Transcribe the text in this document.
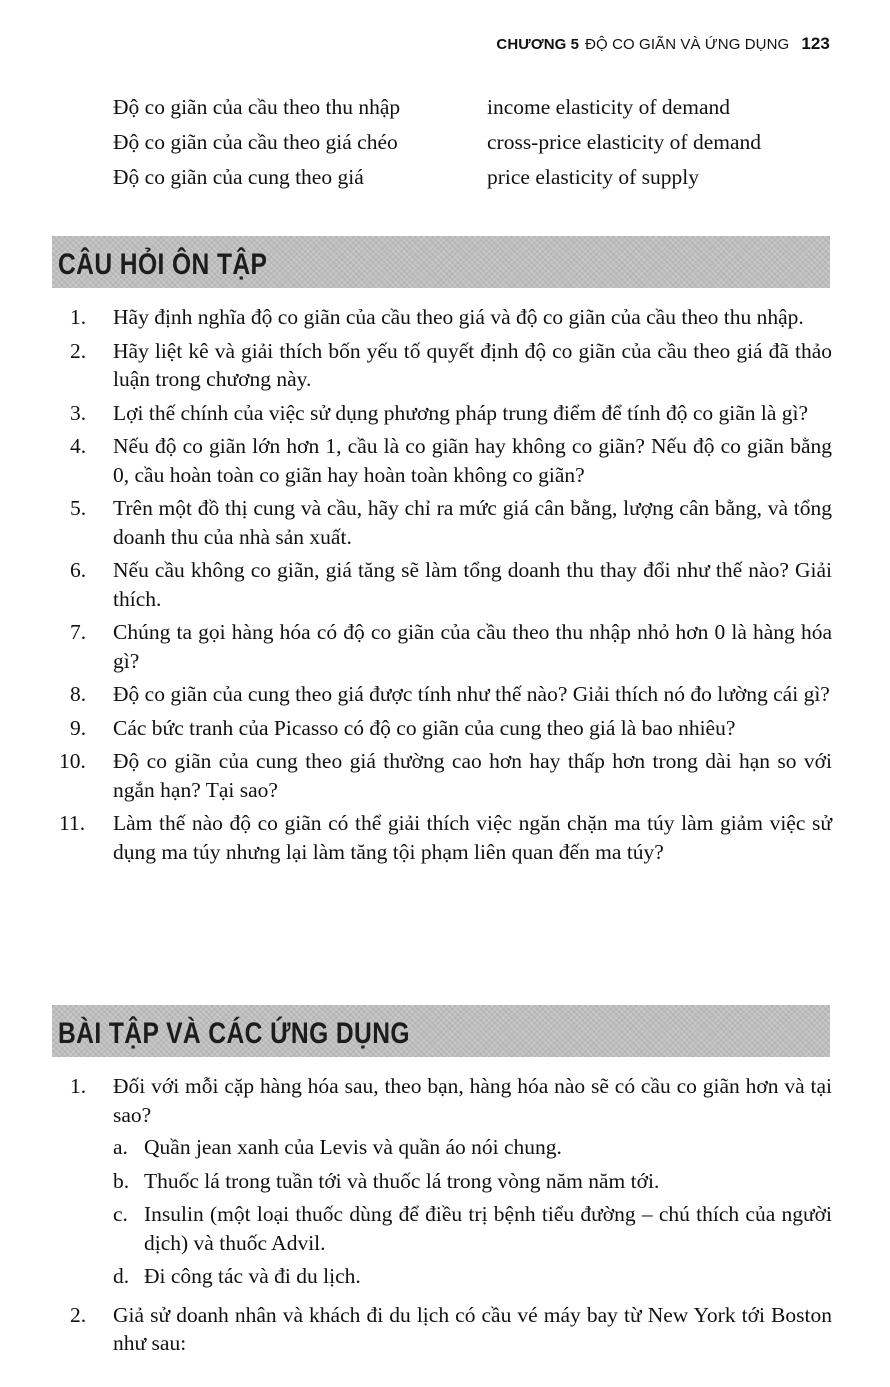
CHƯƠNG 5 ĐỘ CO GIÃN VÀ ỨNG DỤNG 123
Độ co giãn của cầu theo thu nhập	income elasticity of demand
Độ co giãn của cầu theo giá chéo	cross-price elasticity of demand
Độ co giãn của cung theo giá	price elasticity of supply
CÂU HỎI ÔN TẬP
1.	Hãy định nghĩa độ co giãn của cầu theo giá và độ co giãn của cầu theo thu nhập.
2.	Hãy liệt kê và giải thích bốn yếu tố quyết định độ co giãn của cầu theo giá đã thảo luận trong chương này.
3.	Lợi thế chính của việc sử dụng phương pháp trung điểm để tính độ co giãn là gì?
4.	Nếu độ co giãn lớn hơn 1, cầu là co giãn hay không co giãn? Nếu độ co giãn bằng 0, cầu hoàn toàn co giãn hay hoàn toàn không co giãn?
5.	Trên một đồ thị cung và cầu, hãy chỉ ra mức giá cân bằng, lượng cân bằng, và tổng doanh thu của nhà sản xuất.
6.	Nếu cầu không co giãn, giá tăng sẽ làm tổng doanh thu thay đổi như thế nào? Giải thích.
7.	Chúng ta gọi hàng hóa có độ co giãn của cầu theo thu nhập nhỏ hơn 0 là hàng hóa gì?
8.	Độ co giãn của cung theo giá được tính như thế nào? Giải thích nó đo lường cái gì?
9.	Các bức tranh của Picasso có độ co giãn của cung theo giá là bao nhiêu?
10.	Độ co giãn của cung theo giá thường cao hơn hay thấp hơn trong dài hạn so với ngắn hạn? Tại sao?
11.	Làm thế nào độ co giãn có thể giải thích việc ngăn chặn ma túy làm giảm việc sử dụng ma túy nhưng lại làm tăng tội phạm liên quan đến ma túy?
BÀI TẬP VÀ CÁC ỨNG DỤNG
1.	Đối với mỗi cặp hàng hóa sau, theo bạn, hàng hóa nào sẽ có cầu co giãn hơn và tại sao?
a. Quần jean xanh của Levis và quần áo nói chung.
b. Thuốc lá trong tuần tới và thuốc lá trong vòng năm năm tới.
c. Insulin (một loại thuốc dùng để điều trị bệnh tiểu đường – chú thích của người dịch) và thuốc Advil.
d. Đi công tác và đi du lịch.
2.	Giả sử doanh nhân và khách đi du lịch có cầu vé máy bay từ New York tới Boston như sau:
